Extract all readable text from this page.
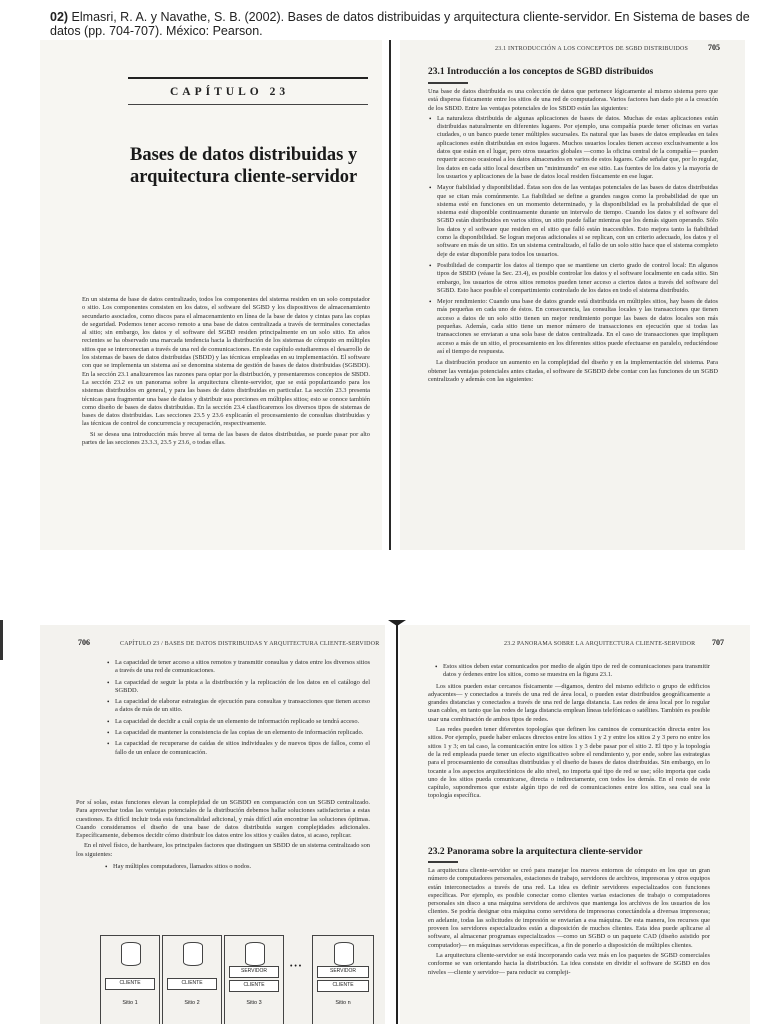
02) Elmasri, R. A. y Navathe, S. B. (2002). Bases de datos distribuidas y arquitectura cliente-servidor. En Sistema de bases de datos (pp. 704-707). México: Pearson.
CAPÍTULO 23
Bases de datos distribuidas y arquitectura cliente-servidor

En un sistema de base de datos centralizado, todos los componentes del sistema residen en un solo computador o sitio. Los componentes consisten en los datos, el software del SGBD y los dispositivos de almacenamiento secundario asociados, como discos para el almacenamiento en línea de la base de datos y cintas para las copias de seguridad. Podemos tener acceso remoto a una base de datos centralizada a través de terminales conectadas al sitio; sin embargo, los datos y el software del SGBD residen principalmente en un solo sitio. En años recientes se ha observado una marcada tendencia hacia la distribución de los sistemas de cómputo en múltiples sitios que se interconectan a través de una red de comunicaciones. En este capítulo estudiaremos el desarrollo de los sistemas de bases de datos distribuidas (SBDD) y las técnicas empleadas en su implementación. El software con que se implementa un sistema así se denomina sistema de gestión de bases de datos distribuidas (SGBDD). En la sección 23.1 analizaremos las razones para optar por la distribución, y presentaremos conceptos de SBDD. La sección 23.2 es un panorama sobre la arquitectura cliente-servidor, que se está popularizando para los sistemas distribuidos en general, y para las bases de datos distribuidas en particular. La sección 23.3 presenta técnicas para fragmentar una base de datos y distribuir sus porciones en múltiples sitios; esto se conoce también como diseño de bases de datos distribuidas. En la sección 23.4 clasificaremos los diversos tipos de sistemas de bases de datos distribuidas. Las secciones 23.5 y 23.6 explicarán el procesamiento de consultas distribuidas y las técnicas de control de concurrencia y recuperación, respectivamente.

Si se desea una introducción más breve al tema de las bases de datos distribuidas, se puede pasar por alto partes de las secciones 23.3.3, 23.5 y 23.6, o todas ellas.

23.1 INTRODUCCIÓN A LOS CONCEPTOS DE SGBD DISTRIBUIDOS 705
23.1 Introducción a los conceptos de SGBD distribuidos

Una base de datos distribuida es una colección de datos que pertenece lógicamente al mismo sistema pero que está dispersa físicamente entre los sitios de una red de computadoras. Varios factores han dado pie a la creación de los SBDD. Entre las ventajas potenciales de los SBDD están las siguientes:

• La naturaleza distribuida de algunas aplicaciones de bases de datos. Muchas de estas aplicaciones están distribuidas naturalmente en diferentes lugares. Por ejemplo, una compañía puede tener oficinas en varias ciudades, o un banco puede tener múltiples sucursales. Es natural que las bases de datos empleadas en tales aplicaciones estén distribuidas en estos lugares. Muchos usuarios locales tienen acceso exclusivamente a los datos que están en el lugar, pero otros usuarios globales —como la oficina central de la compañía— pueden requerir acceso ocasional a los datos almacenados en varios de estos lugares. Cabe señalar que, por lo regular, los datos en cada sitio local describen un "minimundo" en ese sitio. Las fuentes de los datos y la mayoría de los usuarios y aplicaciones de la base de datos local residen físicamente en ese lugar.
• Mayor fiabilidad y disponibilidad. Éstas son dos de las ventajas potenciales de las bases de datos distribuidas que se citan más comúnmente. La fiabilidad se define a grandes rasgos como la probabilidad de que un sistema esté en funciones en un momento determinado, y la disponibilidad es la probabilidad de que el sistema esté disponible continuamente durante un intervalo de tiempo. Cuando los datos y el software del SGBD están distribuidos en varios sitios, un sitio puede fallar mientras que los demás siguen operando. Sólo los datos y el software que residen en el sitio que falló están inaccesibles. Esto mejora tanto la fiabilidad como la disponibilidad. Se logran mejoras adicionales si se replican, con un criterio adecuado, los datos y el software en más de un sitio. En un sistema centralizado, el fallo de un solo sitio hace que el sistema completo deje de estar disponible para todos los usuarios.
• Posibilidad de compartir los datos al tiempo que se mantiene un cierto grado de control local: En algunos tipos de SBDD (véase la Sec. 23.4), es posible controlar los datos y el software localmente en cada sitio. Sin embargo, los usuarios de otros sitios remotos pueden tener acceso a ciertos datos a través del software del SGBD. Esto hace posible el compartimiento controlado de los datos en todo el sistema distribuido.
• Mejor rendimiento: Cuando una base de datos grande está distribuida en múltiples sitios, hay bases de datos más pequeñas en cada uno de éstos. En consecuencia, las consultas locales y las transacciones que tienen acceso a datos de un solo sitio tienen un mejor rendimiento porque las bases de datos locales son más pequeñas. Además, cada sitio tiene un menor número de transacciones en ejecución que si todas las transacciones se enviaran a una sola base de datos centralizada. En el caso de transacciones que impliquen acceso a más de un sitio, el procesamiento en los diferentes sitios puede efectuarse en paralelo, reduciéndose así el tiempo de respuesta.

La distribución produce un aumento en la complejidad del diseño y en la implementación del sistema. Para obtener las ventajas potenciales antes citadas, el software de SGBDD debe contar con las funciones de un SGBD centralizado y además con las siguientes:

706	CAPÍTULO 23 / BASES DE DATOS DISTRIBUIDAS Y ARQUITECTURA CLIENTE-SERVIDOR
• La capacidad de tener acceso a sitios remotos y transmitir consultas y datos entre los diversos sitios a través de una red de comunicaciones.
• La capacidad de seguir la pista a la distribución y la replicación de los datos en el catálogo del SGBDD.
• La capacidad de elaborar estrategias de ejecución para consultas y transacciones que tienen acceso a datos de más de un sitio.
• La capacidad de decidir a cuál copia de un elemento de información replicado se tendrá acceso.
• La capacidad de mantener la consistencia de las copias de un elemento de información replicado.
• La capacidad de recuperarse de caídas de sitios individuales y de nuevos tipos de fallos, como el fallo de un enlace de comunicación.

Por sí solas, estas funciones elevan la complejidad de un SGBDD en comparación con un SGBD centralizado. Para aprovechar todas las ventajas potenciales de la distribución debemos hallar soluciones satisfactorias a estas cuestiones. Es difícil incluir toda esta funcionalidad adicional, y más difícil aún encontrar las soluciones óptimas. Cuando consideramos el diseño de una base de datos distribuida surgen complejidades adicionales. Específicamente, debemos decidir cómo distribuir los datos entre los sitios y cuáles datos, si acaso, replicar.

En el nivel físico, de hardware, los principales factores que distinguen un SBDD de un sistema centralizado son los siguientes:

• Hay múltiples computadores, llamados sitios o nodos.
CLIENTE
Sitio 1
CLIENTE
Sitio 2
SERVIDOR
CLIENTE
Sitio 3
• • •
SERVIDOR
CLIENTE
Sitio n
23.2 PANORAMA SOBRE LA ARQUITECTURA CLIENTE-SERVIDOR 707
• Estos sitios deben estar comunicados por medio de algún tipo de red de comunicaciones para transmitir datos y órdenes entre los sitios, como se muestra en la figura 23.1.

Los sitios pueden estar cercanos físicamente —digamos, dentro del mismo edificio o grupo de edificios adyacentes— y conectados a través de una red de área local, o pueden estar distribuidos geográficamente a grandes distancias y conectados a través de una red de larga distancia. Las redes de área local por lo regular usan cables, en tanto que las redes de larga distancia emplean líneas telefónicas o satélites. También es posible usar una combinación de ambos tipos de redes.

Las redes pueden tener diferentes topologías que definen los caminos de comunicación directa entre los sitios. Por ejemplo, puede haber enlaces directos entre los sitios 1 y 2 y entre los sitios 2 y 3 pero no entre los sitios 1 y 3; en tal caso, la comunicación entre los sitios 1 y 3 debe pasar por el sitio 2. El tipo y la topología de la red empleada puede tener un efecto significativo sobre el rendimiento y, por ende, sobre las estrategias para el procesamiento de consultas distribuidas y el diseño de bases de datos distribuidas. Sin embargo, en lo tocante a los aspectos arquitectónicos de alto nivel, no importa qué tipo de red se use; sólo importa que cada uno de los sitios pueda comunicarse, directa o indirectamente, con todos los demás. En el resto de este capítulo, supondremos que existe algún tipo de red de comunicaciones entre los sitios, sea cual sea la topología específica.

23.2 Panorama sobre la arquitectura cliente-servidor

La arquitectura cliente-servidor se creó para manejar los nuevos entornos de cómputo en los que un gran número de computadores personales, estaciones de trabajo, servidores de archivos, impresoras y otros equipos están interconectados a través de una red. La idea es definir servidores especializados con funciones específicas. Por ejemplo, es posible conectar como clientes varias estaciones de trabajo o computadores personales sin disco a una máquina servidora de archivos que mantenga los archivos de los usuarios de los clientes. Se podría designar otra máquina como servidora de impresoras conectándola a diversas impresoras; en adelante, todas las solicitudes de impresión se enviarían a esa máquina. De esta manera, los recursos que proveen los servidores especializados están a disposición de muchos clientes. Esta idea puede aplicarse al software, al almacenar programas especializados —como un SGBD o un paquete CAD (diseño asistido por computador)— en máquinas servidoras específicas, a fin de ponerlo a disposición de múltiples clientes.

La arquitectura cliente-servidor se está incorporando cada vez más en los paquetes de SGBD comerciales conforme se van orientando hacia la distribución. La idea consiste en dividir el software de SGBD en dos niveles —cliente y servidor— para reducir su compleji-
